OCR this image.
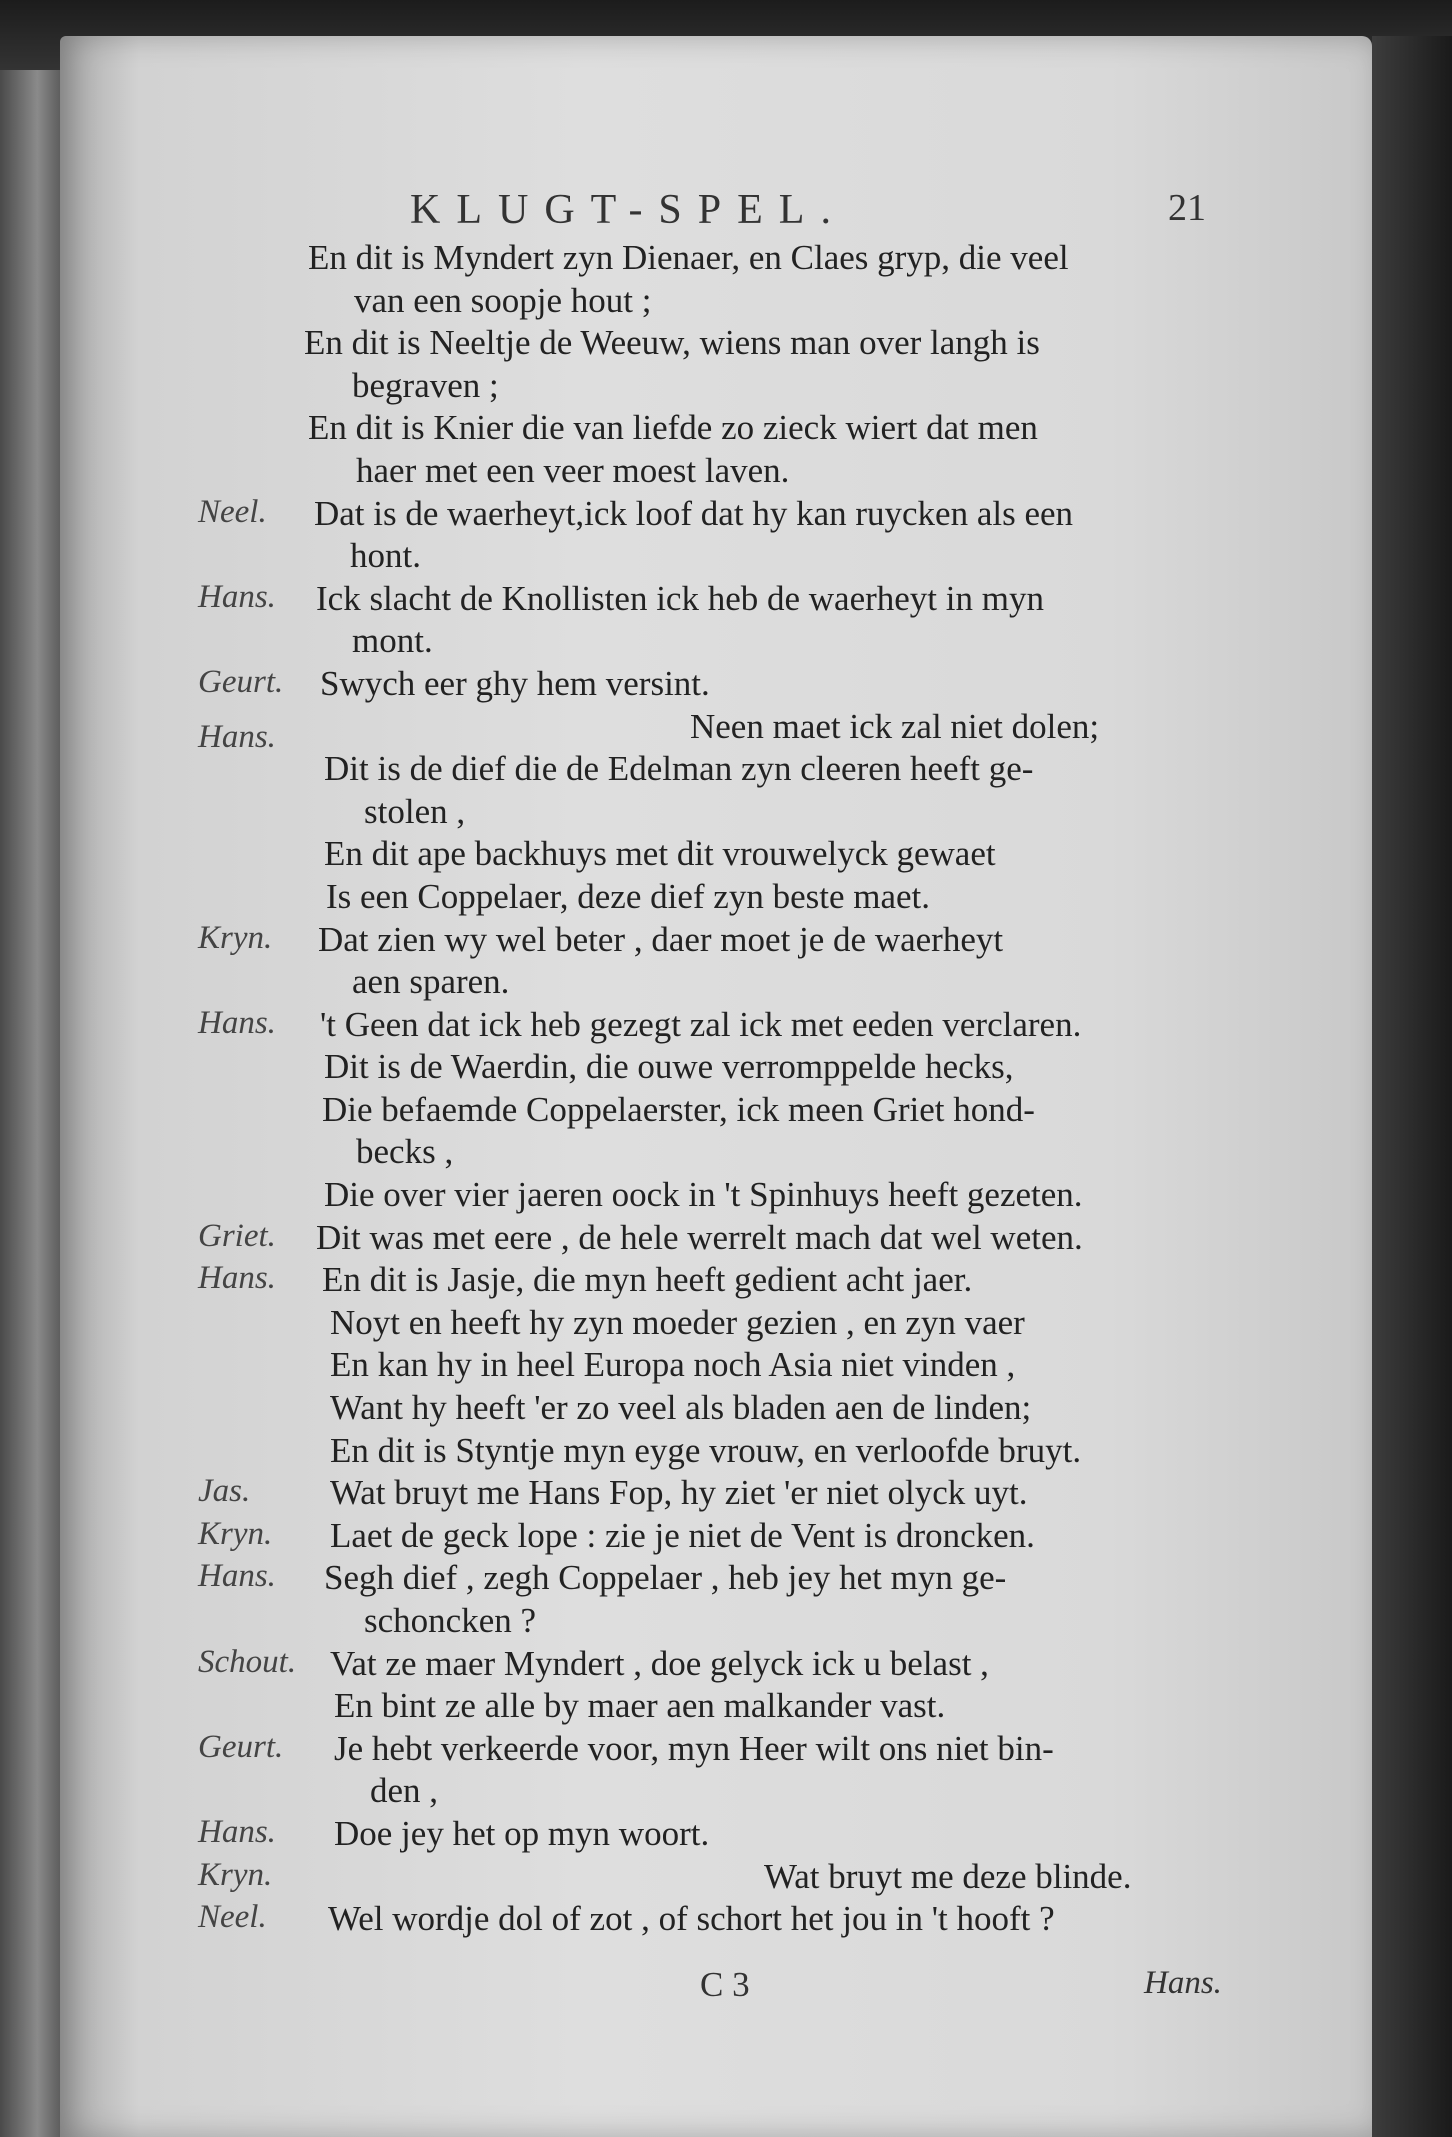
KLUGT-SPEL.	21
En dit is Myndert zyn Dienaer, en Claes gryp, die veel
van een soopje hout ;
En dit is Neeltje de Weeuw, wiens man over langh is
begraven ;
En dit is Knier die van liefde zo zieck wiert dat men
haer met een veer moest laven.
Neel. Dat is de waerheyt,ick loof dat hy kan ruycken als een
hont.
Hans. Ick slacht de Knollisten ick heb de waerheyt in myn
mont.
Geurt. Swych eer ghy hem versint.
Hans.	Neen maet ick zal niet dolen;
Dit is de dief die de Edelman zyn cleeren heeft ge-
stolen ,
En dit ape backhuys met dit vrouwelyck gewaet
Is een Coppelaer, deze dief zyn beste maet.
Kryn. Dat zien wy wel beter , daer moet je de waerheyt
aen sparen.
Hans. 't Geen dat ick heb gezegt zal ick met eeden verclaren.
Dit is de Waerdin, die ouwe verromppelde hecks,
Die befaemde Coppelaerster, ick meen Griet hond-
becks ,
Die over vier jaeren oock in 't Spinhuys heeft gezeten.
Griet. Dit was met eere , de hele werrelt mach dat wel weten.
Hans. En dit is Jasje, die myn heeft gedient acht jaer.
Noyt en heeft hy zyn moeder gezien , en zyn vaer
En kan hy in heel Europa noch Asia niet vinden ,
Want hy heeft 'er zo veel als bladen aen de linden;
En dit is Styntje myn eyge vrouw, en verloofde bruyt.
Jas. Wat bruyt me Hans Fop, hy ziet 'er niet olyck uyt.
Kryn. Laet de geck lope : zie je niet de Vent is droncken.
Hans. Segh dief , zegh Coppelaer , heb jey het myn ge-
schoncken ?
Schout. Vat ze maer Myndert , doe gelyck ick u belast ,
En bint ze alle by maer aen malkander vast.
Geurt. Je hebt verkeerde voor, myn Heer wilt ons niet bin-
den ,
Hans. Doe jey het op myn woort.
Kryn.	Wat bruyt me deze blinde.
Neel. Wel wordje dol of zot , of schort het jou in 't hooft ?
C 3	Hans.
